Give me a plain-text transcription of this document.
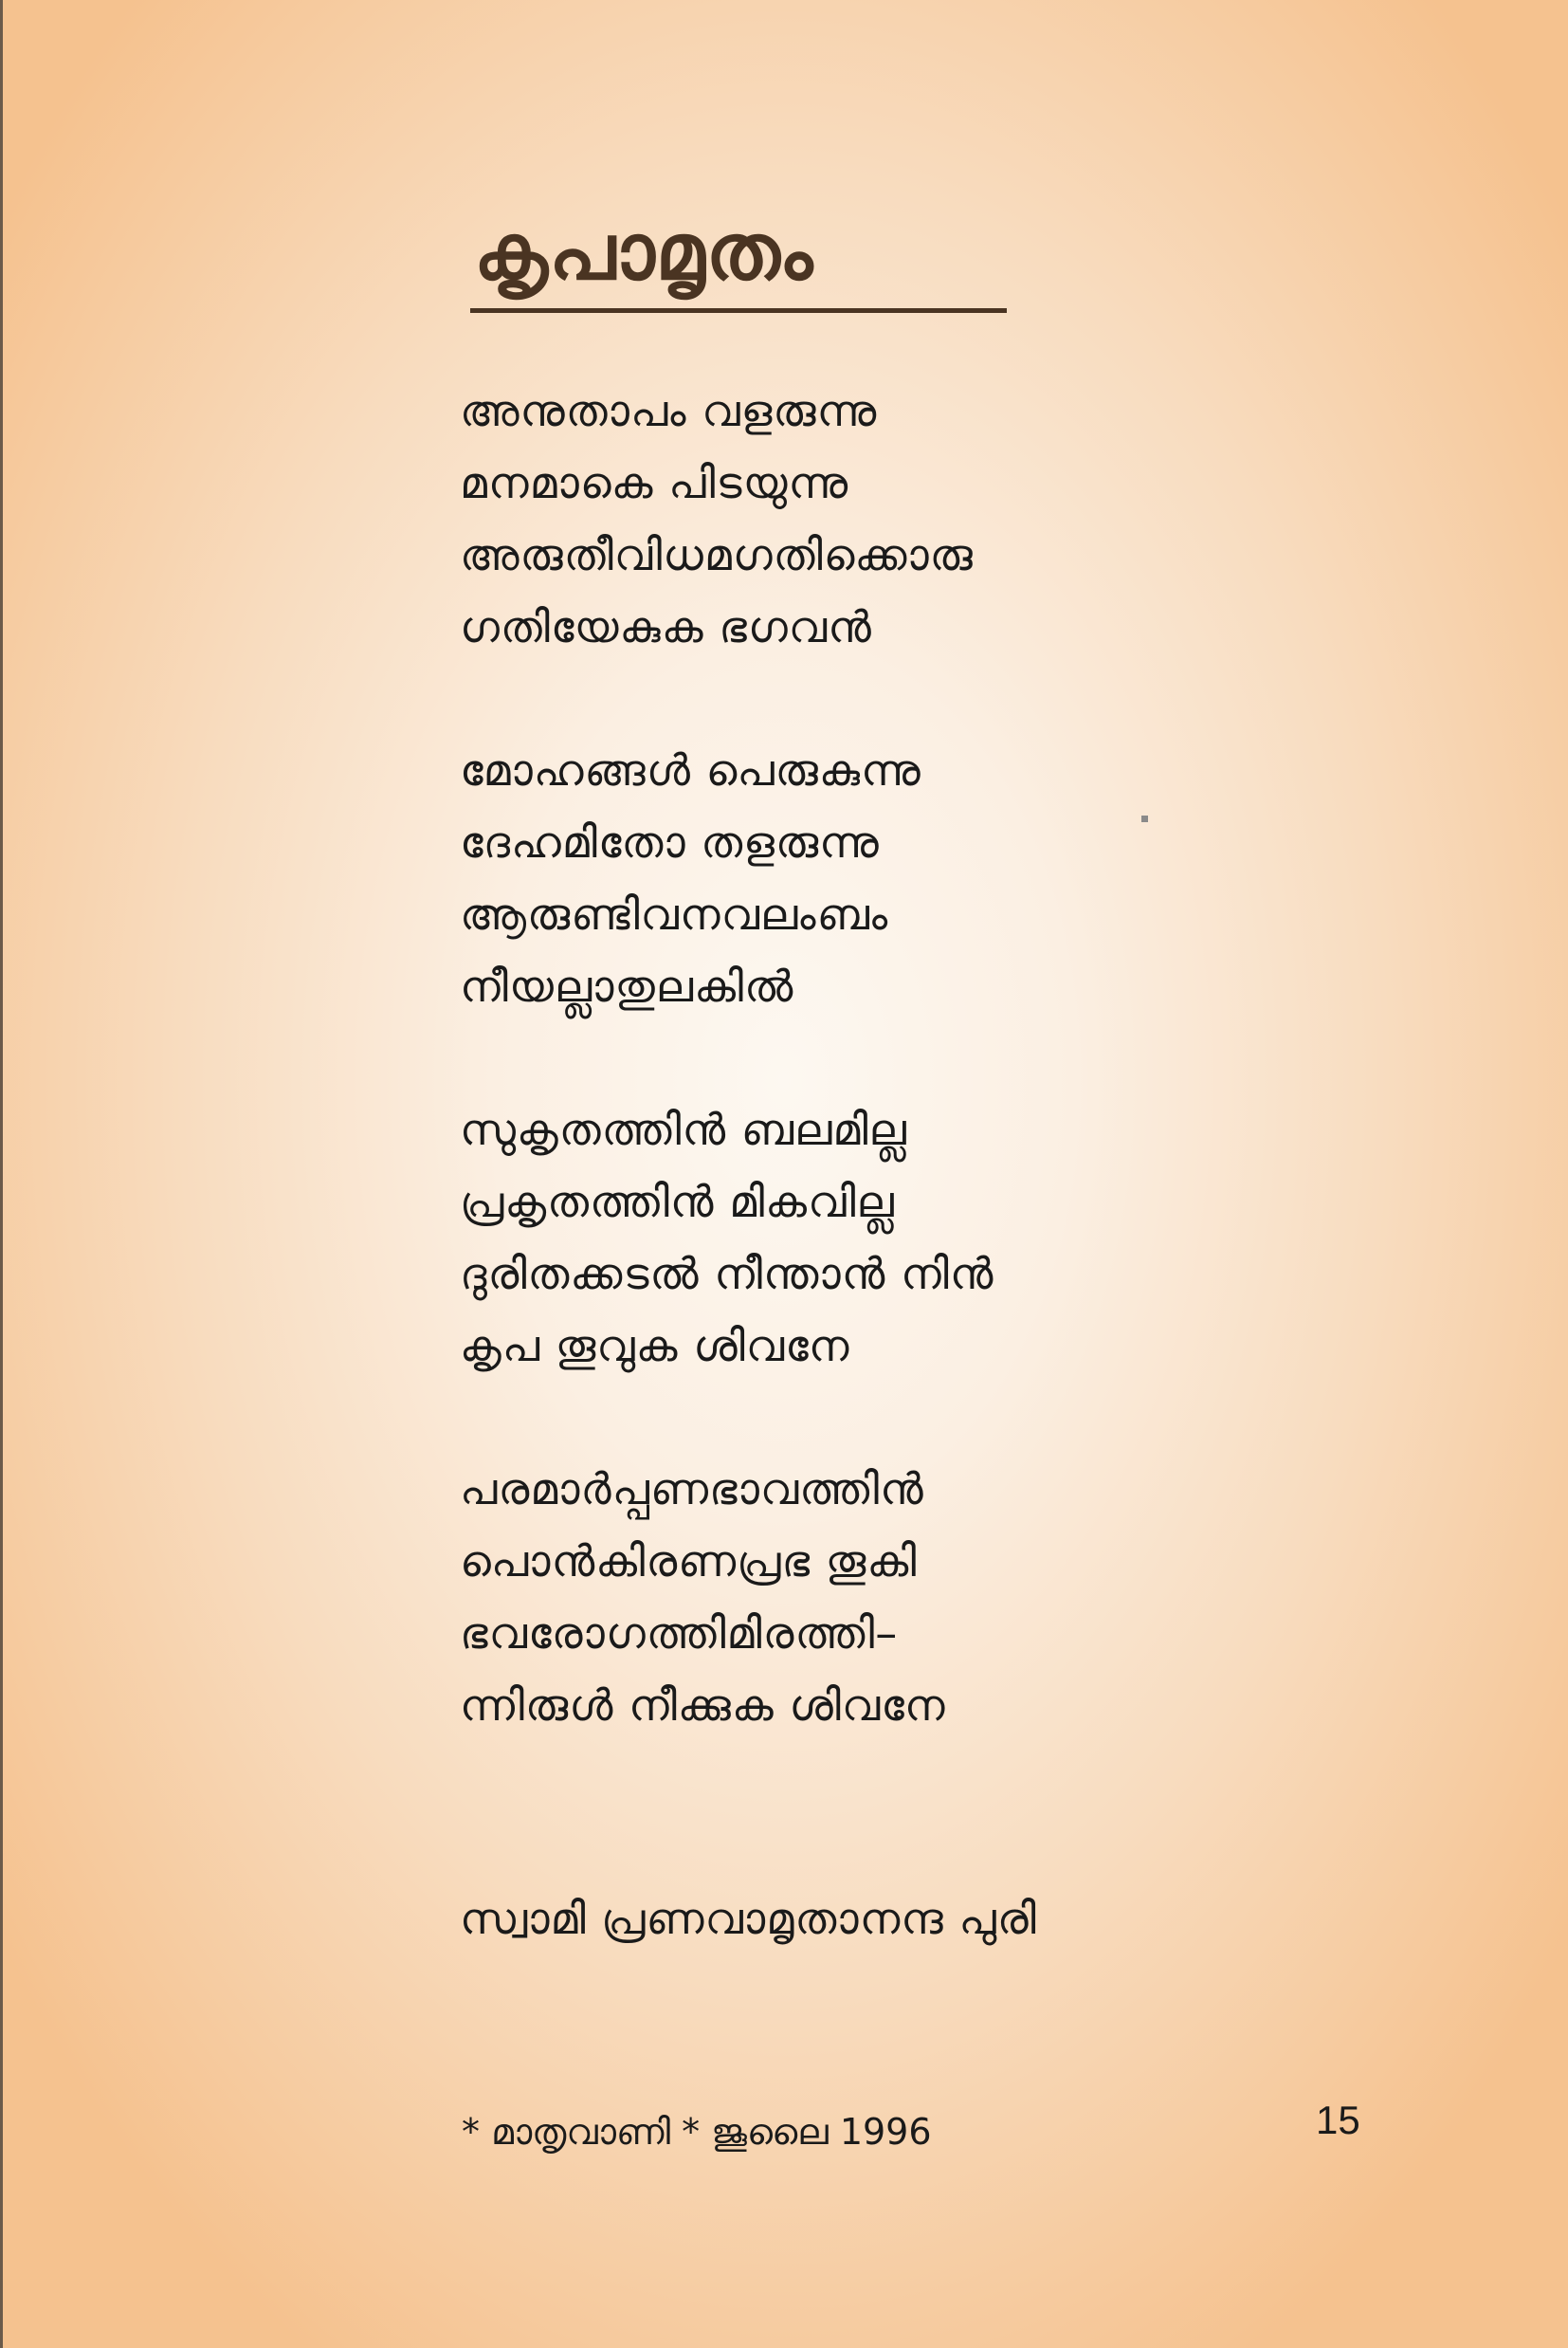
കൃപാമൃതം
അനുതാപം വളരുന്നു
മനമാകെ പിടയുന്നു
അരുതീവിധമഗതിക്കൊരു
ഗതിയേകുക ഭഗവൻ
മോഹങ്ങൾ പെരുകുന്നു
ദേഹമിതോ തളരുന്നു
ആരുണ്ടിവനവലംബം
നീയല്ലാതുലകിൽ
സുകൃതത്തിൻ ബലമില്ല
പ്രകൃതത്തിൻ മികവില്ല
ദുരിതക്കടൽ നീന്താൻ നിൻ
കൃപ തൂവുക ശിവനേ
പരമാർപ്പണഭാവത്തിൻ
പൊൻകിരണപ്രഭ തൂകി
ഭവരോഗത്തിമിരത്തി–
ന്നിരുൾ നീക്കുക ശിവനേ
സ്വാമി പ്രണവാമൃതാനന്ദ പുരി
* മാതൃവാണി * ജൂലൈ 1996	15
